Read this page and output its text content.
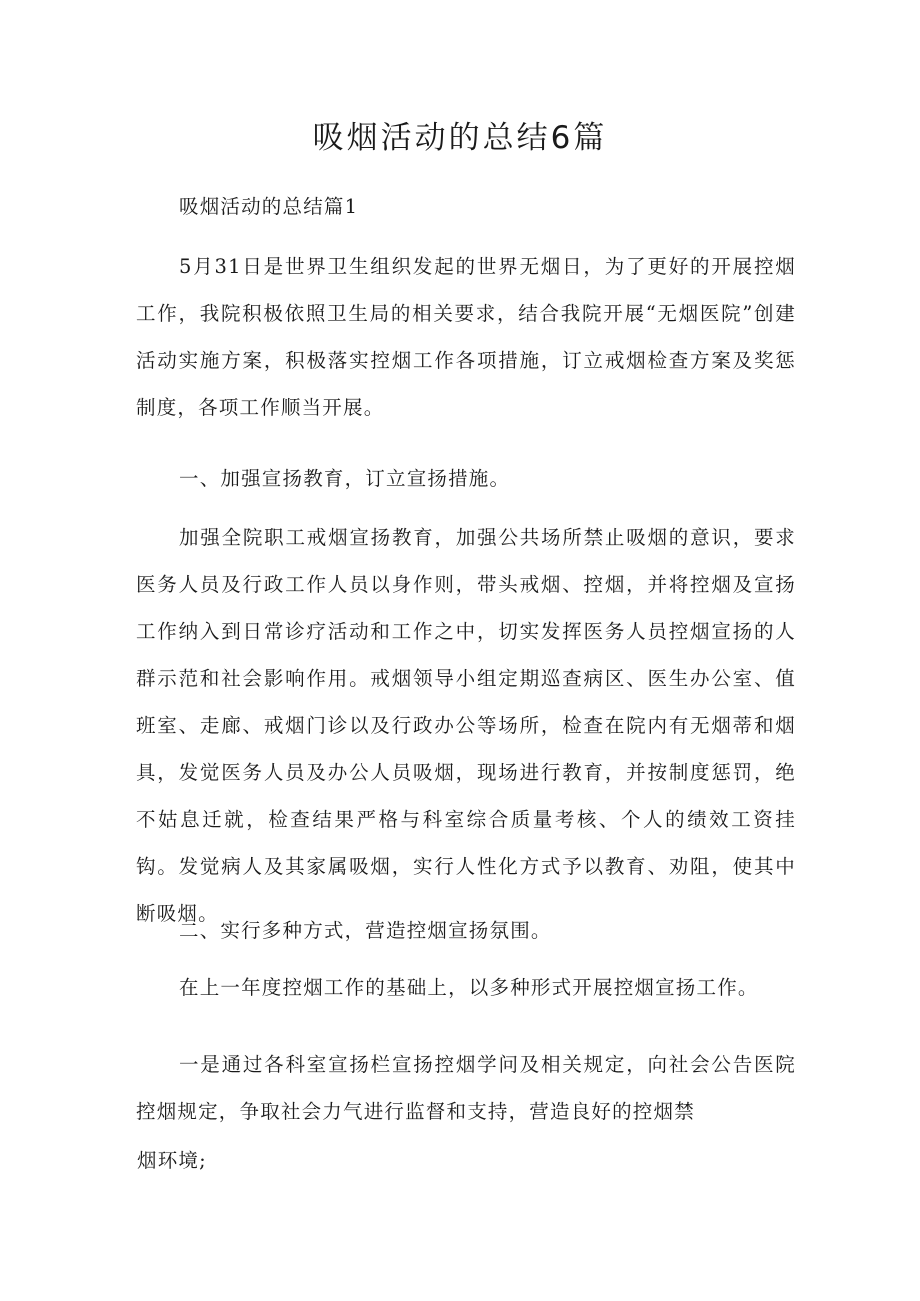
吸烟活动的总结6篇

吸烟活动的总结篇1

5月31日是世界卫生组织发起的世界无烟日，为了更好的开展控烟工作，我院积极依照卫生局的相关要求，结合我院开展“无烟医院”创建活动实施方案，积极落实控烟工作各项措施，订立戒烟检查方案及奖惩制度，各项工作顺当开展。

一、加强宣扬教育，订立宣扬措施。

加强全院职工戒烟宣扬教育，加强公共场所禁止吸烟的意识，要求医务人员及行政工作人员以身作则，带头戒烟、控烟，并将控烟及宣扬工作纳入到日常诊疗活动和工作之中，切实发挥医务人员控烟宣扬的人群示范和社会影响作用。戒烟领导小组定期巡查病区、医生办公室、值班室、走廊、戒烟门诊以及行政办公等场所，检查在院内有无烟蒂和烟具，发觉医务人员及办公人员吸烟，现场进行教育，并按制度惩罚，绝不姑息迁就，检查结果严格与科室综合质量考核、个人的绩效工资挂钩。发觉病人及其家属吸烟，实行人性化方式予以教育、劝阻，使其中断吸烟。

二、实行多种方式，营造控烟宣扬氛围。

在上一年度控烟工作的基础上，以多种形式开展控烟宣扬工作。

一是通过各科室宣扬栏宣扬控烟学问及相关规定，向社会公告医院控烟规定，争取社会力气进行监督和支持，营造良好的控烟禁

烟环境;
